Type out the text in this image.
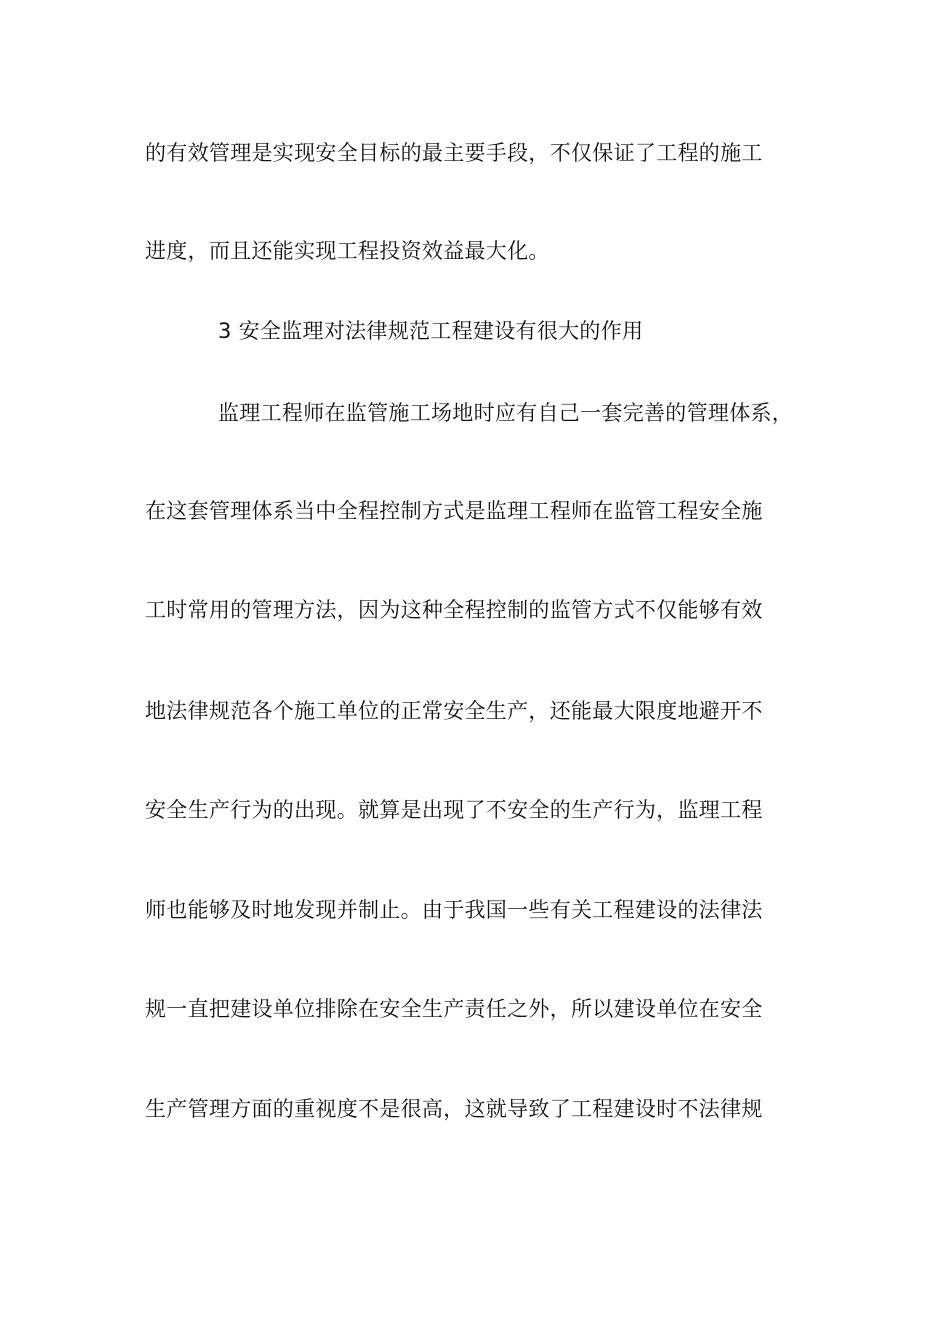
的有效管理是实现安全目标的最主要手段，不仅保证了工程的施工
进度，而且还能实现工程投资效益最大化。
3 安全监理对法律规范工程建设有很大的作用
监理工程师在监管施工场地时应有自己一套完善的管理体系，
在这套管理体系当中全程控制方式是监理工程师在监管工程安全施
工时常用的管理方法，因为这种全程控制的监管方式不仅能够有效
地法律规范各个施工单位的正常安全生产，还能最大限度地避开不
安全生产行为的出现。就算是出现了不安全的生产行为，监理工程
师也能够及时地发现并制止。由于我国一些有关工程建设的法律法
规一直把建设单位排除在安全生产责任之外，所以建设单位在安全
生产管理方面的重视度不是很高，这就导致了工程建设时不法律规
